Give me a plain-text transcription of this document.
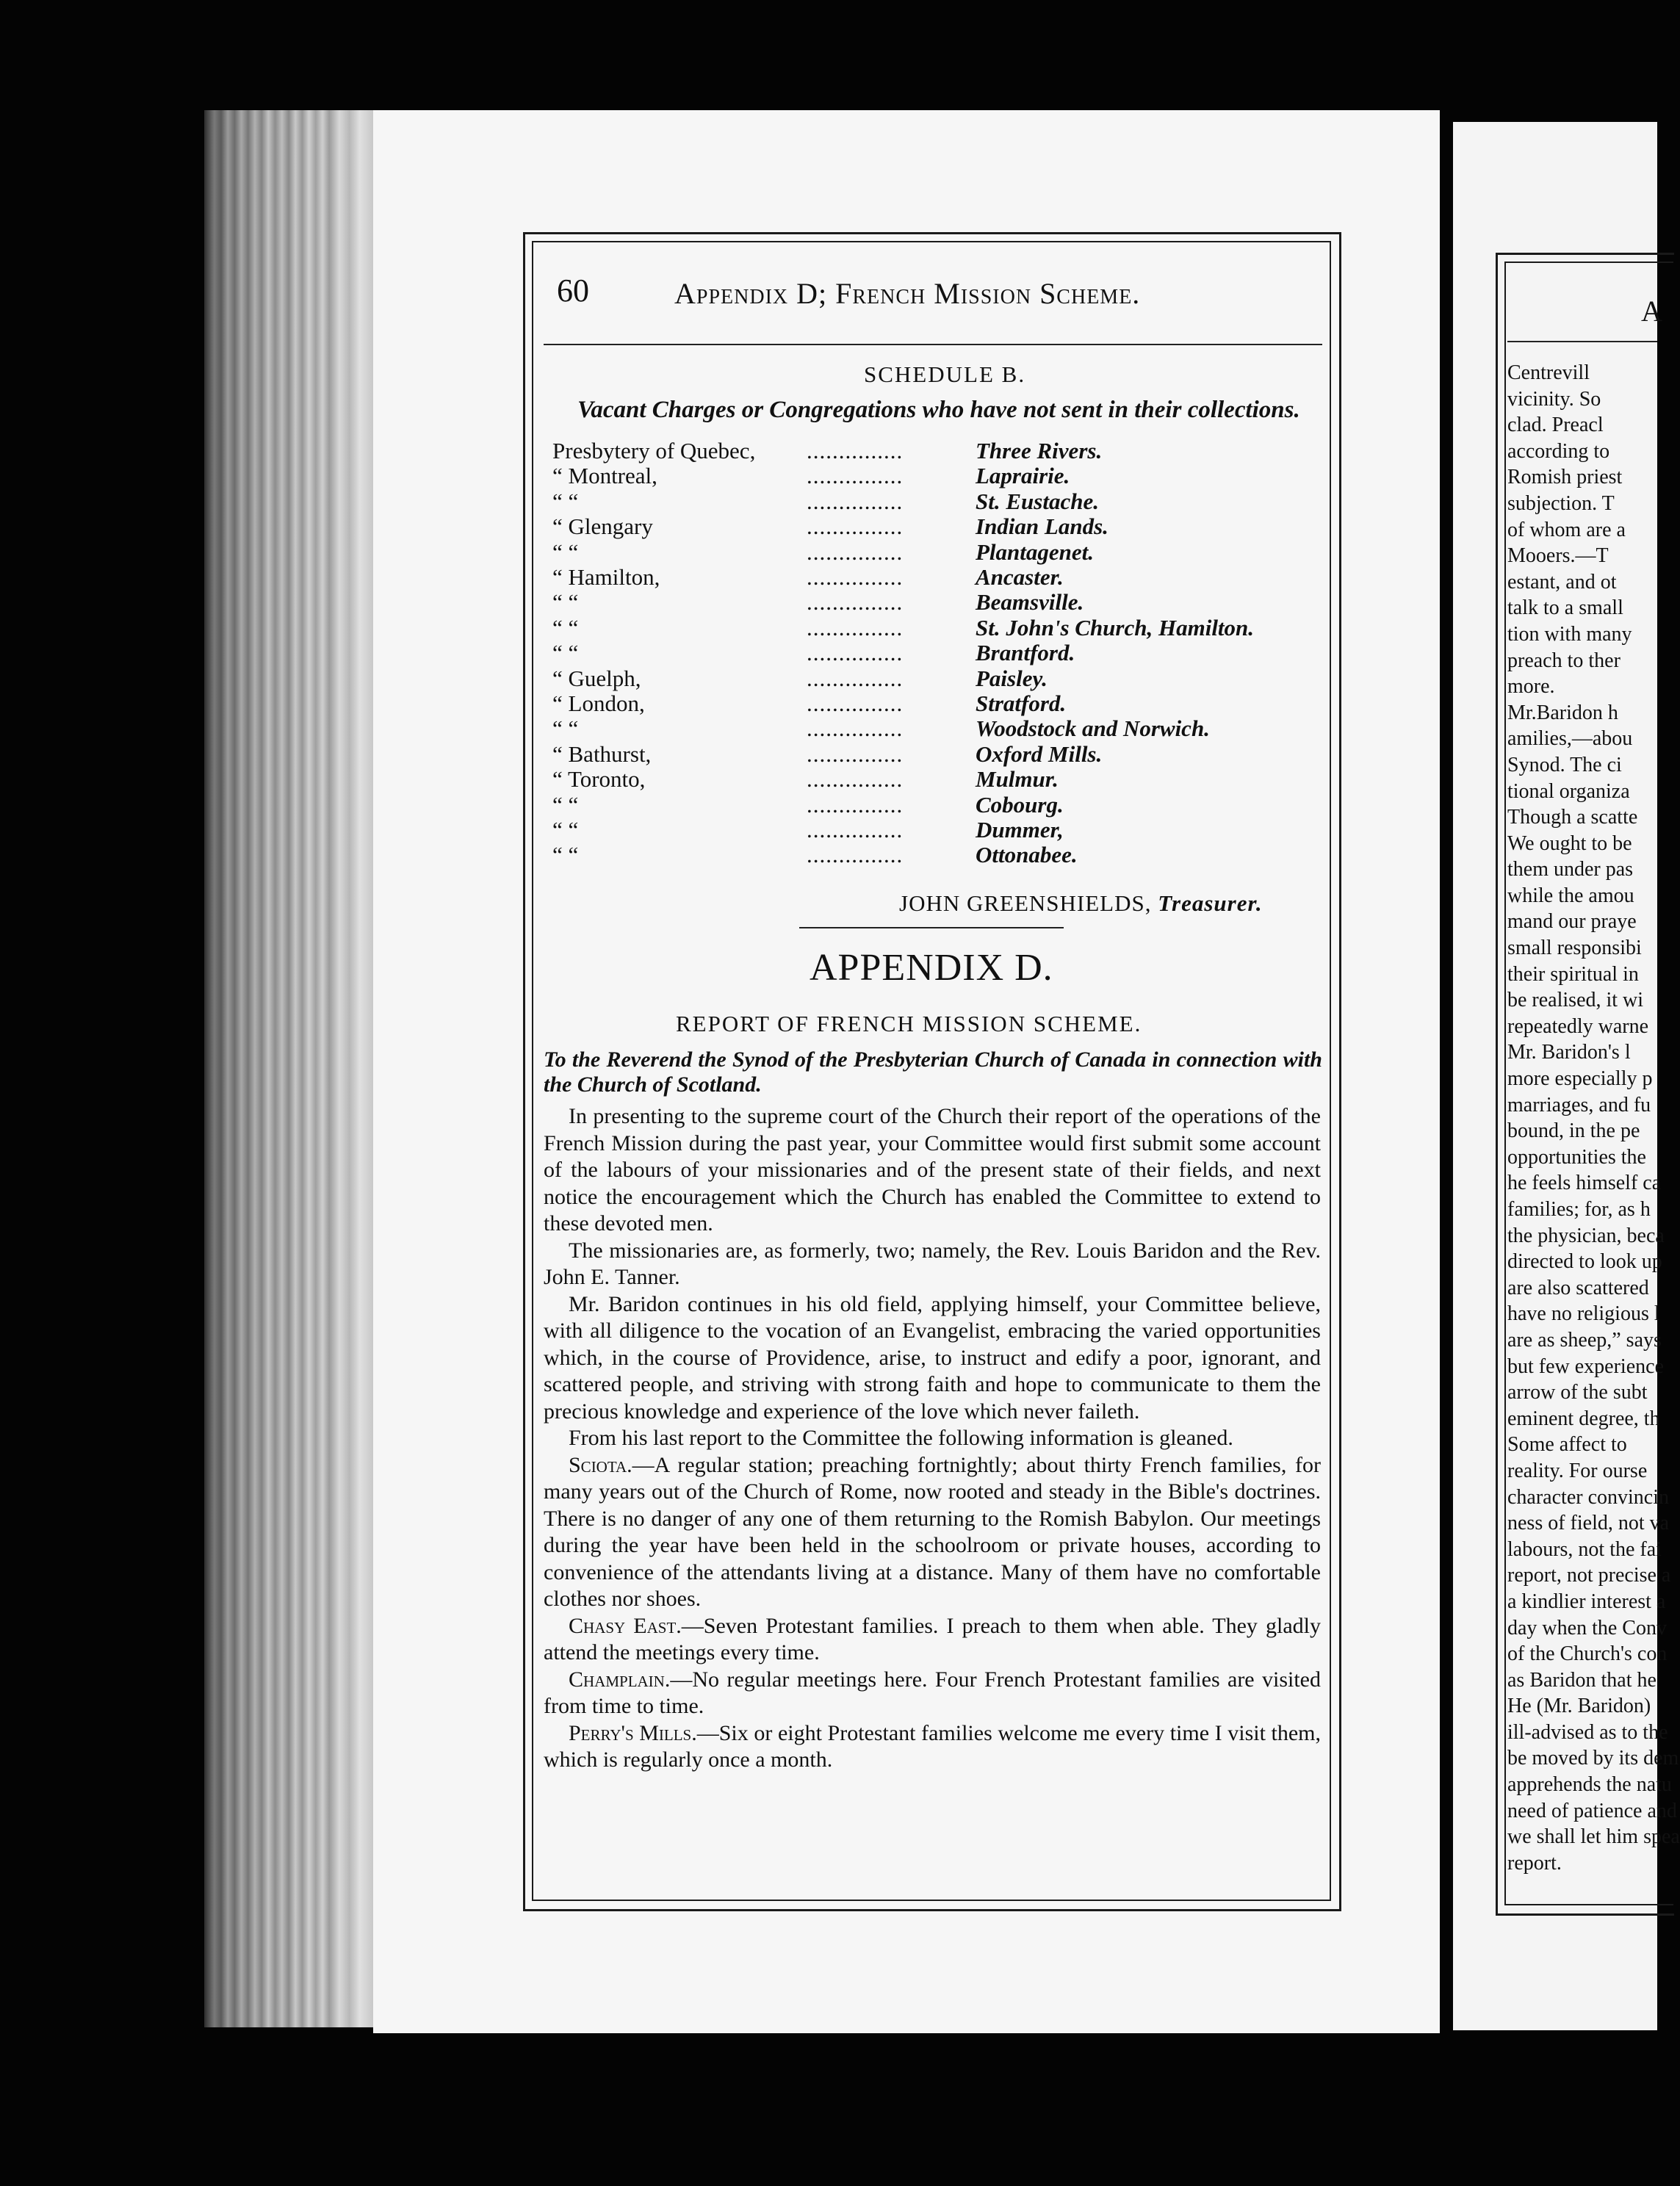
60	Appendix D; French Mission Scheme.
SCHEDULE B.
Vacant Charges or Congregations who have not sent in their collections.
Presbytery of Quebec, ...............	Three Rivers.
“ Montreal,	...............	Laprairie.
“ “	...............	St. Eustache.
“ Glengary	...............	Indian Lands.
“ “	...............	Plantagenet.
“ Hamilton,	...............	Ancaster.
“ “	...............	Beamsville.
“ “	...............	St. John's Church, Hamilton.
“ “	...............	Brantford.
“ Guelph,	...............	Paisley.
“ London,	...............	Stratford.
“ “	...............	Woodstock and Norwich.
“ Bathurst,	...............	Oxford Mills.
“ Toronto,	...............	Mulmur.
“ “	...............	Cobourg.
“ “	...............	Dummer,
“ “	...............	Ottonabee.
JOHN GREENSHIELDS, Treasurer.
APPENDIX D.
REPORT OF FRENCH MISSION SCHEME.
To the Reverend the Synod of the Presbyterian Church of Canada in connection with the Church of Scotland.

In presenting to the supreme court of the Church their report of the operations of the French Mission during the past year, your Committee would first submit some account of the labours of your missionaries and of the present state of their fields, and next notice the encouragement which the Church has enabled the Committee to extend to these devoted men.

The missionaries are, as formerly, two; namely, the Rev. Louis Baridon and the Rev. John E. Tanner.

Mr. Baridon continues in his old field, applying himself, your Committee believe, with all diligence to the vocation of an Evangelist, embracing the varied opportunities which, in the course of Providence, arise, to instruct and edify a poor, ignorant, and scattered people, and striving with strong faith and hope to communicate to them the precious knowledge and experience of the love which never faileth.

From his last report to the Committee the following information is gleaned.

Sciota.—A regular station; preaching fortnightly; about thirty French families, for many years out of the Church of Rome, now rooted and steady in the Bible's doctrines. There is no danger of any one of them returning to the Romish Babylon. Our meetings during the year have been held in the schoolroom or private houses, according to convenience of the attendants living at a distance. Many of them have no comfortable clothes nor shoes.

Chasy East.—Seven Protestant families. I preach to them when able. They gladly attend the meetings every time.

Champlain.—No regular meetings here. Four French Protestant families are visited from time to time.

Perry's Mills.—Six or eight Protestant families welcome me every time I visit them, which is regularly once a month.

A
Centrevill
vicinity. So
clad. Preacl
according to
Romish priest
subjection. T
of whom are a
Mooers.—T
estant, and ot
talk to a small
tion with many
preach to ther
more.
Mr.Baridon h
amilies,—abou
Synod. The ci
tional organiza
Though a scatte
We ought to be
them under pas
while the amou
mand our praye
small responsibi
their spiritual in
be realised, it wi
repeatedly warne
Mr. Baridon's l
more especially p
marriages, and fu
bound, in the pe
opportunities the
he feels himself ca
families; for, as h
the physician, beca
directed to look up
are also scattered
have no religious l
are as sheep,” says
but few experience
arrow of the subt
eminent degree, th
Some affect to
reality. For ourse
character convincin
ness of field, not va
labours, not the fai
report, not precise a
a kindlier interest a
day when the Conv
of the Church's con
as Baridon that he
He (Mr. Baridon)
ill-advised as to the
be moved by its dem
apprehends the natu
need of patience and
we shall let him spea
report.
